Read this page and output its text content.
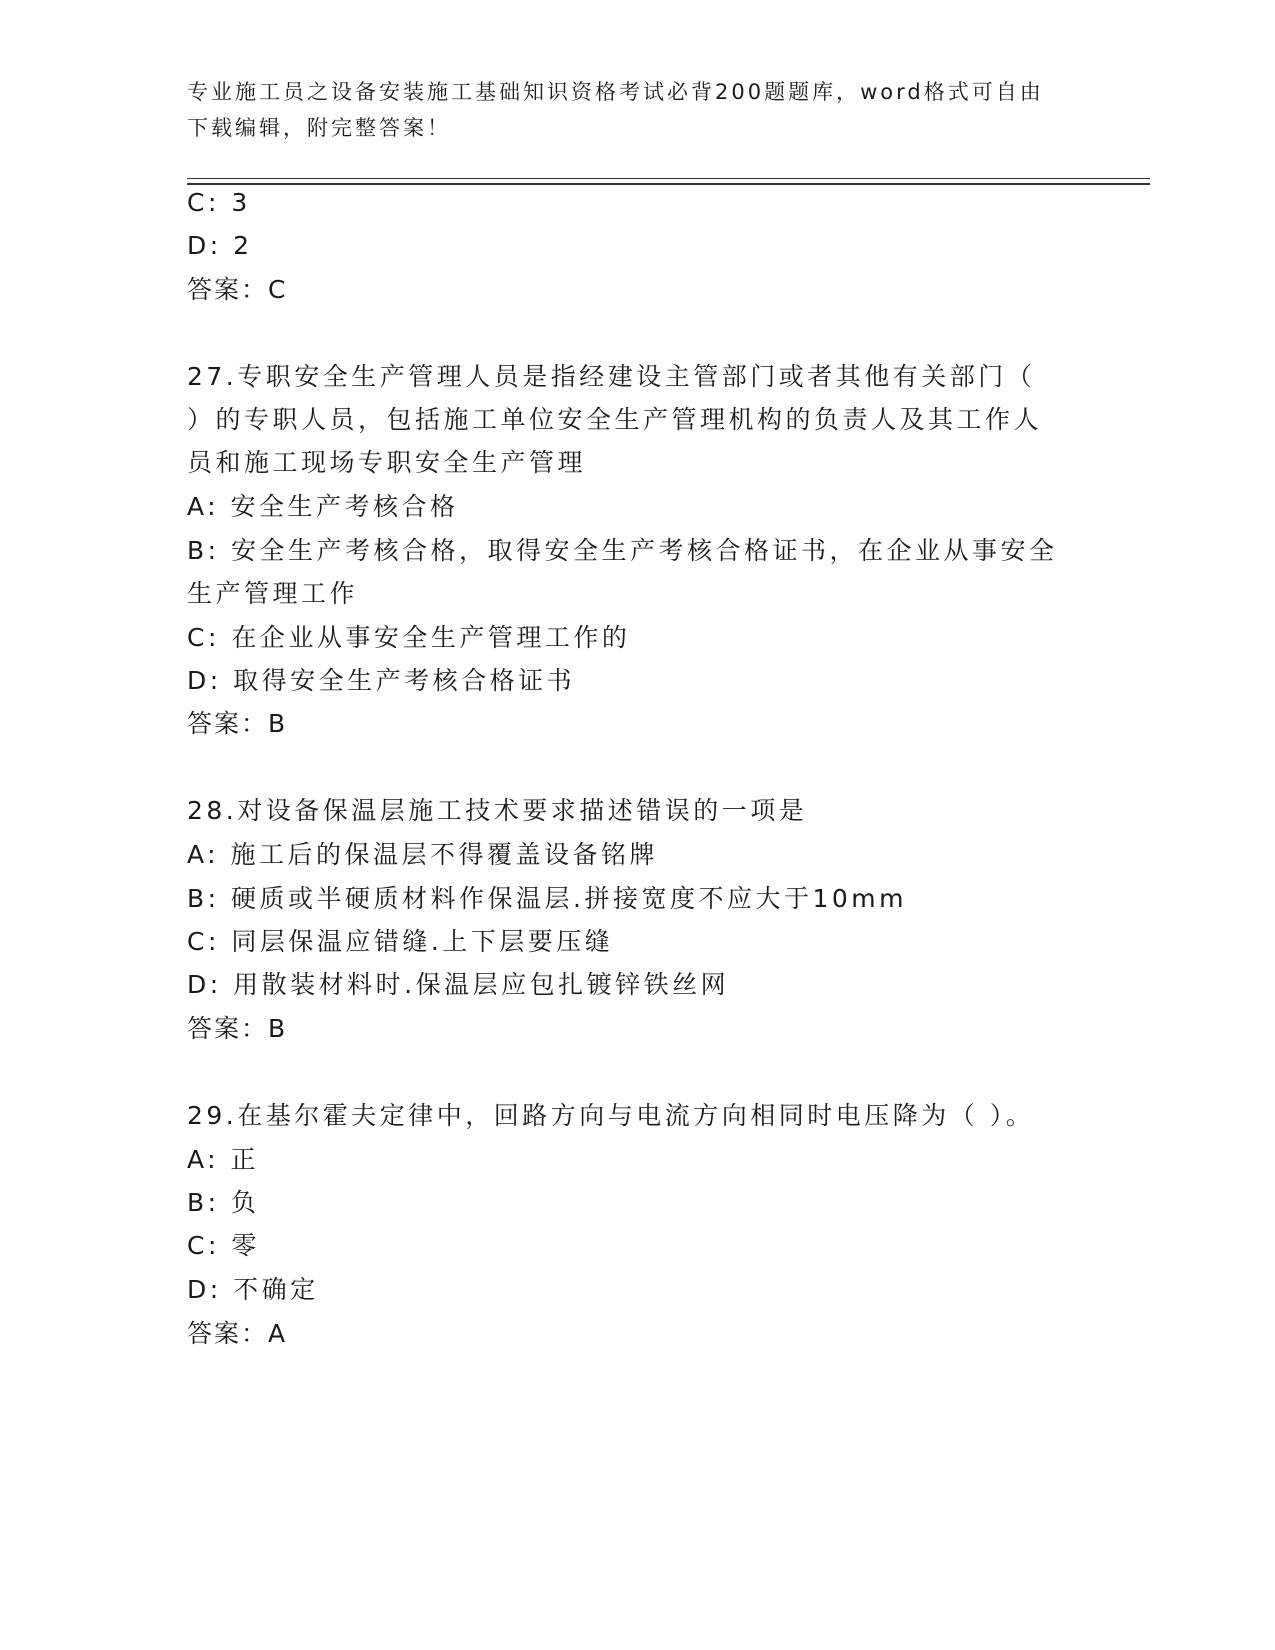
专业施工员之设备安装施工基础知识资格考试必背200题题库，word格式可自由
下载编辑，附完整答案！
C: 3
D: 2
答案：C
27.专职安全生产管理人员是指经建设主管部门或者其他有关部门（
）的专职人员，包括施工单位安全生产管理机构的负责人及其工作人
员和施工现场专职安全生产管理
A: 安全生产考核合格
B: 安全生产考核合格，取得安全生产考核合格证书，在企业从事安全
生产管理工作
C: 在企业从事安全生产管理工作的
D: 取得安全生产考核合格证书
答案：B
28.对设备保温层施工技术要求描述错误的一项是
A: 施工后的保温层不得覆盖设备铭牌
B: 硬质或半硬质材料作保温层.拼接宽度不应大于10mm
C: 同层保温应错缝.上下层要压缝
D: 用散装材料时.保温层应包扎镀锌铁丝网
答案：B
29.在基尔霍夫定律中，回路方向与电流方向相同时电压降为（ ）。
A: 正
B: 负
C: 零
D: 不确定
答案：A
